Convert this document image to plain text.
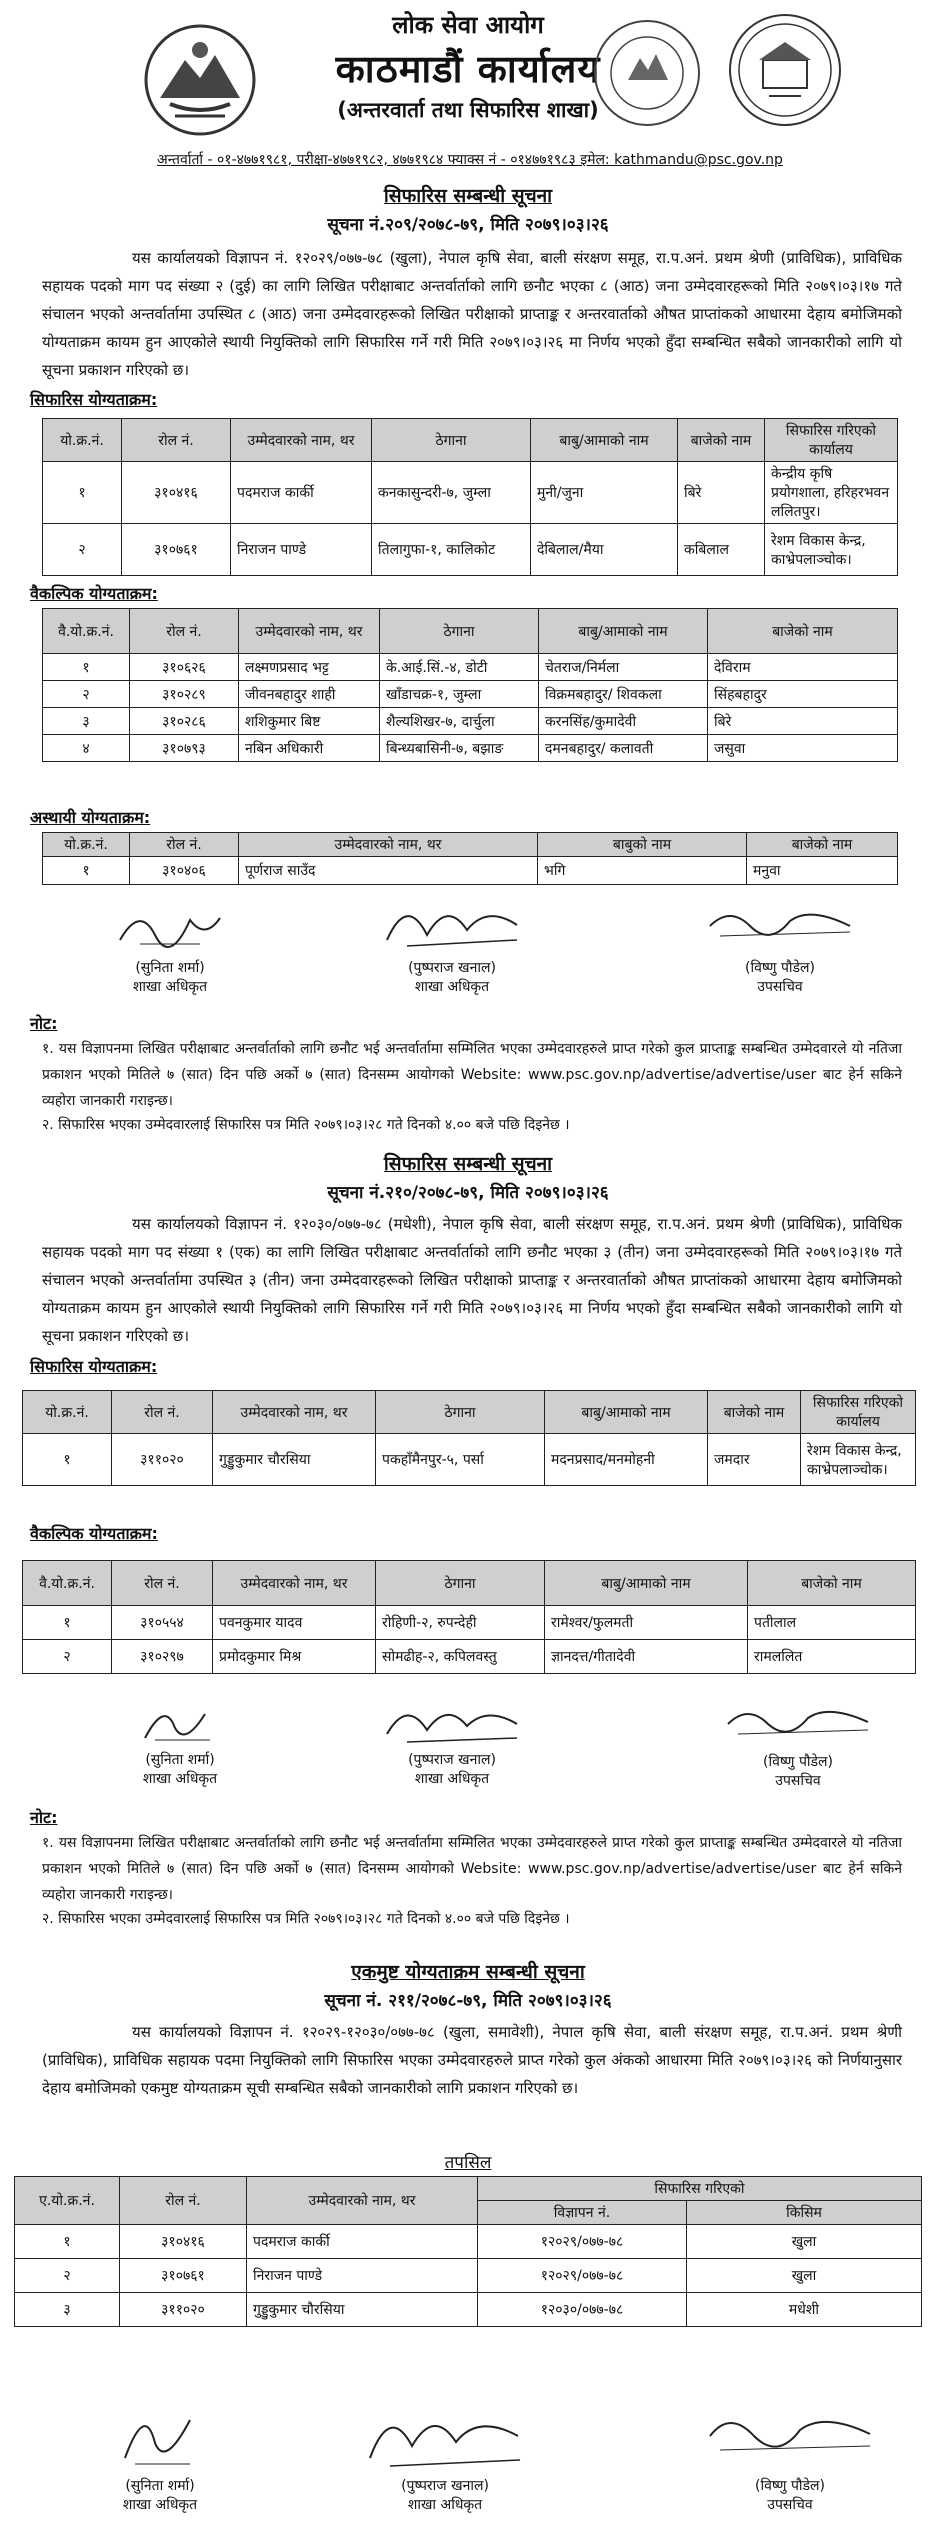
लोक सेवा आयोग
काठमाडौं कार्यालय
(अन्तरवार्ता तथा सिफारिस शाखा)
अन्तर्वार्ता - ०१-४७७१९८१, परीक्षा-४७७१९८२, ४७७१९८४ फ्याक्स नं - ०१४७७१९८३ इमेल: kathmandu@psc.gov.np
सिफारिस सम्बन्धी सूचना
सूचना नं.२०९/२०७८-७९, मिति २०७९।०३।२६
यस कार्यालयको विज्ञापन नं. १२०२९/०७७-७८ (खुला), नेपाल कृषि सेवा, बाली संरक्षण समूह, रा.प.अनं. प्रथम श्रेणी (प्राविधिक), प्राविधिक सहायक पदको माग पद संख्या २ (दुई) का लागि लिखित परीक्षाबाट अन्तर्वार्ताको लागि छनौट भएका ८ (आठ) जना उम्मेदवारहरूको मिति २०७९।०३।१७ गते संचालन भएको अन्तर्वार्तामा उपस्थित ८ (आठ) जना उम्मेदवारहरूको लिखित परीक्षाको प्राप्ताङ्क र अन्तरवार्ताको औषत प्राप्तांकको आधारमा देहाय बमोजिमको योग्यताक्रम कायम हुन आएकोले स्थायी नियुक्तिको लागि सिफारिस गर्ने गरी मिति २०७९।०३।२६ मा निर्णय भएको हुँदा सम्बन्धित सबैको जानकारीको लागि यो सूचना प्रकाशन गरिएको छ।
सिफारिस योग्यताक्रम:
यो.क्र.नं.	रोल नं.	उम्मेदवारको नाम, थर	ठेगाना	बाबु/आमाको नाम	बाजेको नाम	सिफारिस गरिएको कार्यालय
१	३१०४१६	पदमराज कार्की	कनकासुन्दरी-७, जुम्ला	मुनी/जुना	बिरे	केन्द्रीय कृषि प्रयोगशाला, हरिहरभवन ललितपुर।
२	३१०७६१	निराजन पाण्डे	तिलागुफा-१, कालिकोट	देबिलाल/मैया	कबिलाल	रेशम विकास केन्द्र, काभ्रेपलाञ्चोक।
वैकल्पिक योग्यताक्रम:
वै.यो.क्र.नं.	रोल नं.	उम्मेदवारको नाम, थर	ठेगाना	बाबु/आमाको नाम	बाजेको नाम
१	३१०६२६	लक्ष्मणप्रसाद भट्ट	के.आई.सिं.-४, डोटी	चेतराज/निर्मला	देविराम
२	३१०२८९	जीवनबहादुर शाही	खाँडाचक्र-१, जुम्ला	विक्रमबहादुर/ शिवकला	सिंहबहादुर
३	३१०२८६	शशिकुमार बिष्ट	शैल्यशिखर-७, दार्चुला	करनसिंह/कुमादेवी	बिरे
४	३१०७९३	नबिन अधिकारी	बिन्ध्यबासिनी-७, बझाङ	दमनबहादुर/ कलावती	जसुवा
अस्थायी योग्यताक्रम:
यो.क्र.नं.	रोल नं.	उम्मेदवारको नाम, थर	बाबुको नाम	बाजेको नाम
१	३१०४०६	पूर्णराज साउँद	भगि	मनुवा
(सुनिता शर्मा)
शाखा अधिकृत
(पुष्पराज खनाल)
शाखा अधिकृत
(विष्णु पौडेल)
उपसचिव
नोट:
१. यस विज्ञापनमा लिखित परीक्षाबाट अन्तर्वार्ताको लागि छनौट भई अन्तर्वार्तामा सम्मिलित भएका उम्मेदवारहरुले प्राप्त गरेको कुल प्राप्ताङ्क सम्बन्धित उम्मेदवारले यो नतिजा प्रकाशन भएको मितिले ७ (सात) दिन पछि अर्को ७ (सात) दिनसम्म आयोगको Website: www.psc.gov.np/advertise/advertise/user बाट हेर्न सकिने व्यहोरा जानकारी गराइन्छ।
२. सिफारिस भएका उम्मेदवारलाई सिफारिस पत्र मिति २०७९।०३।२८ गते दिनको ४.०० बजे पछि दिइनेछ ।
सिफारिस सम्बन्धी सूचना
सूचना नं.२१०/२०७८-७९, मिति २०७९।०३।२६
यस कार्यालयको विज्ञापन नं. १२०३०/०७७-७८ (मधेशी), नेपाल कृषि सेवा, बाली संरक्षण समूह, रा.प.अनं. प्रथम श्रेणी (प्राविधिक), प्राविधिक सहायक पदको माग पद संख्या १ (एक) का लागि लिखित परीक्षाबाट अन्तर्वार्ताको लागि छनौट भएका ३ (तीन) जना उम्मेदवारहरूको मिति २०७९।०३।१७ गते संचालन भएको अन्तर्वार्तामा उपस्थित ३ (तीन) जना उम्मेदवारहरूको लिखित परीक्षाको प्राप्ताङ्क र अन्तरवार्ताको औषत प्राप्तांकको आधारमा देहाय बमोजिमको योग्यताक्रम कायम हुन आएकोले स्थायी नियुक्तिको लागि सिफारिस गर्ने गरी मिति २०७९।०३।२६ मा निर्णय भएको हुँदा सम्बन्धित सबैको जानकारीको लागि यो सूचना प्रकाशन गरिएको छ।
सिफारिस योग्यताक्रम:
यो.क्र.नं.	रोल नं.	उम्मेदवारको नाम, थर	ठेगाना	बाबु/आमाको नाम	बाजेको नाम	सिफारिस गरिएको कार्यालय
१	३११०२०	गुड्डुकुमार चौरसिया	पकहाँमैनपुर-५, पर्सा	मदनप्रसाद/मनमोहनी	जमदार	रेशम विकास केन्द्र, काभ्रेपलाञ्चोक।
वैकल्पिक योग्यताक्रम:
वै.यो.क्र.नं.	रोल नं.	उम्मेदवारको नाम, थर	ठेगाना	बाबु/आमाको नाम	बाजेको नाम
१	३१०५५४	पवनकुमार यादव	रोहिणी-२, रुपन्देही	रामेश्वर/फुलमती	पतीलाल
२	३१०२९७	प्रमोदकुमार मिश्र	सोमढीह-२, कपिलवस्तु	ज्ञानदत्त/गीतादेवी	रामललित
(सुनिता शर्मा)
शाखा अधिकृत
(पुष्पराज खनाल)
शाखा अधिकृत
(विष्णु पौडेल)
उपसचिव
नोट:
१. यस विज्ञापनमा लिखित परीक्षाबाट अन्तर्वार्ताको लागि छनौट भई अन्तर्वार्तामा सम्मिलित भएका उम्मेदवारहरुले प्राप्त गरेको कुल प्राप्ताङ्क सम्बन्धित उम्मेदवारले यो नतिजा प्रकाशन भएको मितिले ७ (सात) दिन पछि अर्को ७ (सात) दिनसम्म आयोगको Website: www.psc.gov.np/advertise/advertise/user बाट हेर्न सकिने व्यहोरा जानकारी गराइन्छ।
२. सिफारिस भएका उम्मेदवारलाई सिफारिस पत्र मिति २०७९।०३।२८ गते दिनको ४.०० बजे पछि दिइनेछ ।
एकमुष्ट योग्यताक्रम सम्बन्धी सूचना
सूचना नं. २११/२०७८-७९, मिति २०७९।०३।२६
यस कार्यालयको विज्ञापन नं. १२०२९-१२०३०/०७७-७८ (खुला, समावेशी), नेपाल कृषि सेवा, बाली संरक्षण समूह, रा.प.अनं. प्रथम श्रेणी (प्राविधिक), प्राविधिक सहायक पदमा नियुक्तिको लागि सिफारिस भएका उम्मेदवारहरुले प्राप्त गरेको कुल अंकको आधारमा मिति २०७९।०३।२६ को निर्णयानुसार देहाय बमोजिमको एकमुष्ट योग्यताक्रम सूची सम्बन्धित सबैको जानकारीको लागि प्रकाशन गरिएको छ।
तपसिल
ए.यो.क्र.नं.	रोल नं.	उम्मेदवारको नाम, थर	सिफारिस गरिएको	
			विज्ञापन नं.	किसिम
१	३१०४१६	पदमराज कार्की	१२०२९/०७७-७८	खुला
२	३१०७६१	निराजन पाण्डे	१२०२९/०७७-७८	खुला
३	३११०२०	गुड्डुकुमार चौरसिया	१२०३०/०७७-७८	मधेशी
(सुनिता शर्मा)
शाखा अधिकृत
(पुष्पराज खनाल)
शाखा अधिकृत
(विष्णु पौडेल)
उपसचिव
